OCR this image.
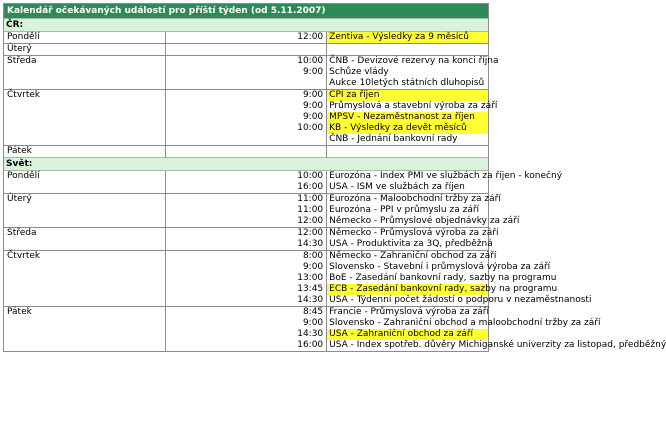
Kalendář očekávaných událostí pro příští týden (od 5.11.2007)		
ČR:		
Pondělí	12:00	Zentiva - Výsledky za 9 měsíců
Úterý		
Středa	10:00	ČNB - Devizové rezervy na konci října
	9:00	Schůze vlády
		Aukce 10letých státních dluhopisů
Čtvrtek	9:00	CPI za říjen
	9:00	Průmyslová a stavební výroba za září
	9:00	MPSV - Nezaměstnanost za říjen
	10:00	KB - Výsledky za devět měsíců
		ČNB - Jednání bankovní rady
Pátek		
Svět:		
Pondělí	10:00	Eurozóna - Index PMI ve službách za říjen - konečný
	16:00	USA - ISM ve službách za říjen
Úterý	11:00	Eurozóna - Maloobchodní tržby za září
	11:00	Eurozóna - PPI v průmyslu za září
	12:00	Německo - Průmyslové objednávky za září
Středa	12:00	Německo - Průmyslová výroba za září
	14:30	USA - Produktivita za 3Q, předběžná
Čtvrtek	8:00	Německo - Zahraniční obchod za září
	9:00	Slovensko - Stavební i průmyslová výroba za září
	13:00	BoE - Zasedání bankovní rady, sazby na programu
	13:45	ECB - Zasedání bankovní rady, sazby na programu
	14:30	USA - Týdenní počet žádostí o podporu v nezaměstnanosti
Pátek	8:45	Francie - Průmyslová výroba za září
	9:00	Slovensko - Zahraniční obchod a maloobchodní tržby za září
	14:30	USA - Zahraniční obchod za září
	16:00	USA - Index spotřeb. důvěry Michiganské univerzity za listopad, předběžný
